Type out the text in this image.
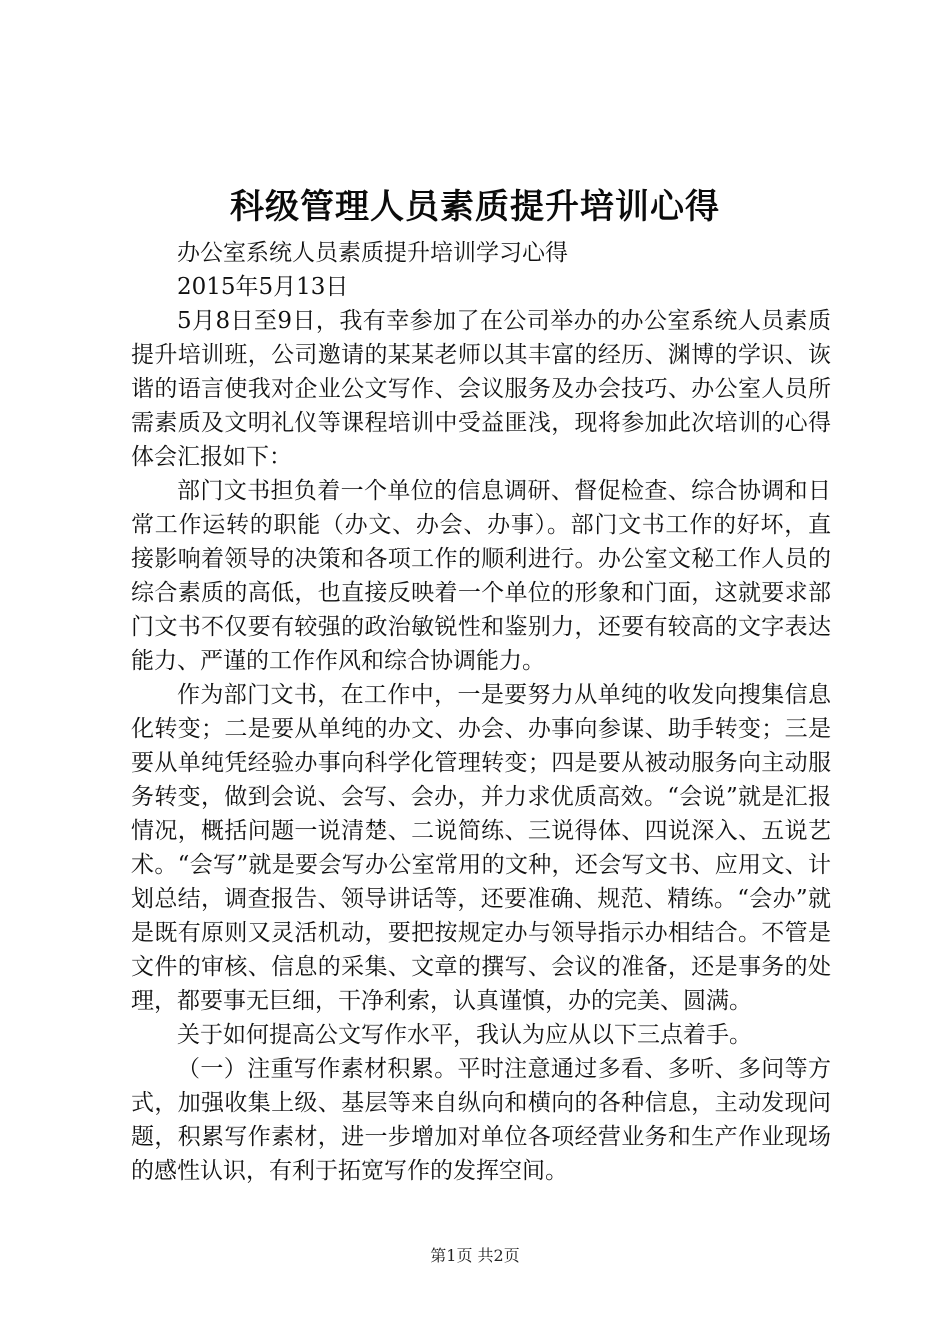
科级管理人员素质提升培训心得

办公室系统人员素质提升培训学习心得

2015年5月13日

5月8日至9日，我有幸参加了在公司举办的办公室系统人员素质提升培训班，公司邀请的某某老师以其丰富的经历、渊博的学识、诙谐的语言使我对企业公文写作、会议服务及办会技巧、办公室人员所需素质及文明礼仪等课程培训中受益匪浅，现将参加此次培训的心得体会汇报如下：

部门文书担负着一个单位的信息调研、督促检查、综合协调和日常工作运转的职能（办文、办会、办事）。部门文书工作的好坏，直接影响着领导的决策和各项工作的顺利进行。办公室文秘工作人员的综合素质的高低，也直接反映着一个单位的形象和门面，这就要求部门文书不仅要有较强的政治敏锐性和鉴别力，还要有较高的文字表达能力、严谨的工作作风和综合协调能力。

作为部门文书，在工作中，一是要努力从单纯的收发向搜集信息化转变；二是要从单纯的办文、办会、办事向参谋、助手转变；三是要从单纯凭经验办事向科学化管理转变；四是要从被动服务向主动服务转变，做到会说、会写、会办，并力求优质高效。“会说”就是汇报情况，概括问题一说清楚、二说简练、三说得体、四说深入、五说艺术。“会写”就是要会写办公室常用的文种，还会写文书、应用文、计划总结，调查报告、领导讲话等，还要准确、规范、精练。“会办”就是既有原则又灵活机动，要把按规定办与领导指示办相结合。不管是文件的审核、信息的采集、文章的撰写、会议的准备，还是事务的处理，都要事无巨细，干净利索，认真谨慎，办的完美、圆满。

关于如何提高公文写作水平，我认为应从以下三点着手。

（一）注重写作素材积累。平时注意通过多看、多听、多问等方式，加强收集上级、基层等来自纵向和横向的各种信息，主动发现问题，积累写作素材，进一步增加对单位各项经营业务和生产作业现场的感性认识，有利于拓宽写作的发挥空间。

第1页 共2页
